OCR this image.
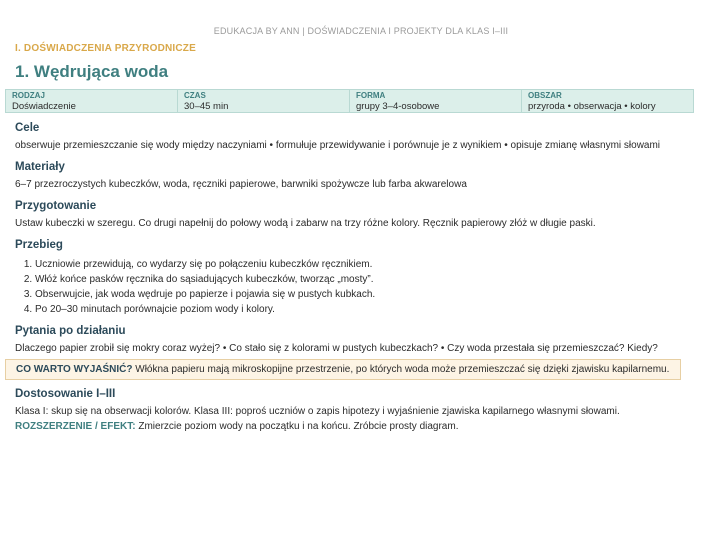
EDUKACJA BY ANN | DOŚWIADCZENIA I PROJEKTY DLA KLAS I–III
I. DOŚWIADCZENIA PRZYRODNICZE
1. Wędrująca woda
RODZAJ
Doświadczenie
CZAS
30–45 min
FORMA
grupy 3–4-osobowe
OBSZAR
przyroda • obserwacja • kolory
Cele

obserwuje przemieszczanie się wody między naczyniami • formułuje przewidywanie i porównuje je z wynikiem • opisuje zmianę własnymi słowami

Materiały

6–7 przezroczystych kubeczków, woda, ręczniki papierowe, barwniki spożywcze lub farba akwarelowa

Przygotowanie

Ustaw kubeczki w szeregu. Co drugi napełnij do połowy wodą i zabarw na trzy różne kolory. Ręcznik papierowy złóż w długie paski.

Przebieg
1. Uczniowie przewidują, co wydarzy się po połączeniu kubeczków ręcznikiem.
2. Włóż końce pasków ręcznika do sąsiadujących kubeczków, tworząc „mosty”.
3. Obserwujcie, jak woda wędruje po papierze i pojawia się w pustych kubkach.
4. Po 20–30 minutach porównajcie poziom wody i kolory.
Pytania po działaniu

Dlaczego papier zrobił się mokry coraz wyżej? • Co stało się z kolorami w pustych kubeczkach? • Czy woda przestała się przemieszczać? Kiedy?

CO WARTO WYJAŚNIĆ? Włókna papieru mają mikroskopijne przestrzenie, po których woda może przemieszczać się dzięki zjawisku kapilarnemu.
Dostosowanie I–III

Klasa I: skup się na obserwacji kolorów. Klasa III: poproś uczniów o zapis hipotezy i wyjaśnienie zjawiska kapilarnego własnymi słowami.

ROZSZERZENIE / EFEKT: Zmierzcie poziom wody na początku i na końcu. Zróbcie prosty diagram.
